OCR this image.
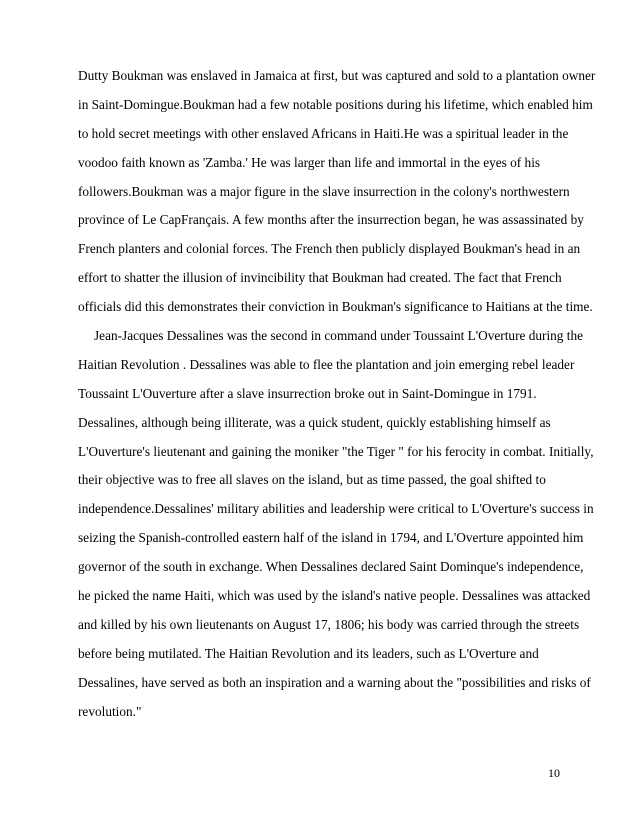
Dutty Boukman was enslaved in Jamaica at first, but was captured and sold to a plantation owner
in Saint-Domingue.Boukman had a few notable positions during his lifetime, which enabled him
to hold secret meetings with other enslaved Africans in Haiti.He was a spiritual leader in the
voodoo faith known as 'Zamba.' He was larger than life and immortal in the eyes of his
followers.Boukman was a major figure in the slave insurrection in the colony's northwestern
province of Le CapFrançais. A few months after the insurrection began, he was assassinated by
French planters and colonial forces. The French then publicly displayed Boukman's head in an
effort to shatter the illusion of invincibility that Boukman had created. The fact that French
officials did this demonstrates their conviction in Boukman's significance to Haitians at the time.
Jean-Jacques Dessalines was the second in command under Toussaint L'Overture during the
Haitian Revolution . Dessalines was able to flee the plantation and join emerging rebel leader
Toussaint L'Ouverture after a slave insurrection broke out in Saint-Domingue in 1791.
Dessalines, although being illiterate, was a quick student, quickly establishing himself as
L'Ouverture's lieutenant and gaining the moniker "the Tiger " for his ferocity in combat. Initially,
their objective was to free all slaves on the island, but as time passed, the goal shifted to
independence.Dessalines' military abilities and leadership were critical to L'Overture's success in
seizing the Spanish-controlled eastern half of the island in 1794, and L'Overture appointed him
governor of the south in exchange. When Dessalines declared Saint Dominque's independence,
he picked the name Haiti, which was used by the island's native people. Dessalines was attacked
and killed by his own lieutenants on August 17, 1806; his body was carried through the streets
before being mutilated. The Haitian Revolution and its leaders, such as L'Overture and
Dessalines, have served as both an inspiration and a warning about the "possibilities and risks of
revolution."
10
